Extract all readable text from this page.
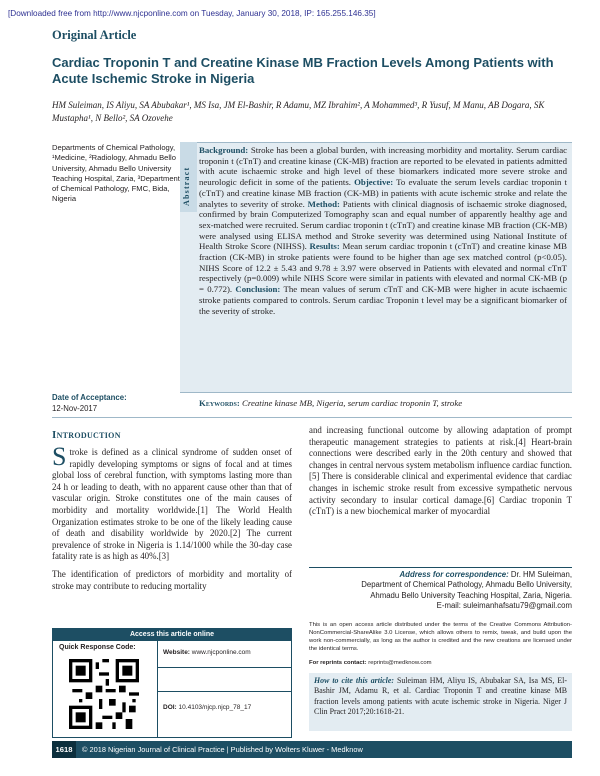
[Downloaded free from http://www.njcponline.com on Tuesday, January 30, 2018, IP: 165.255.146.35]
Original Article
Cardiac Troponin T and Creatine Kinase MB Fraction Levels Among Patients with Acute Ischemic Stroke in Nigeria
HM Suleiman, IS Aliyu, SA Abubakar¹, MS Isa, JM El-Bashir, R Adamu, MZ Ibrahim², A Mohammed³, R Yusuf, M Manu, AB Dogara, SK Mustapha¹, N Bello², SA Ozovehe
Departments of Chemical Pathology, ¹Medicine, ²Radiology, Ahmadu Bello University, Ahmadu Bello University Teaching Hospital, Zaria, ³Department of Chemical Pathology, FMC, Bida, Nigeria
Date of Acceptance:
12-Nov-2017
Abstract
Background: Stroke has been a global burden, with increasing morbidity and mortality. Serum cardiac troponin t (cTnT) and creatine kinase (CK-MB) fraction are reported to be elevated in patients admitted with acute ischaemic stroke and high level of these biomarkers indicated more severe stroke and neurologic deficit in some of the patients. Objective: To evaluate the serum levels cardiac troponin t (cTnT) and creatine kinase MB fraction (CK-MB) in patients with acute ischemic stroke and relate the analytes to severity of stroke. Method: Patients with clinical diagnosis of ischaemic stroke diagnosed, confirmed by brain Computerized Tomography scan and equal number of apparently healthy age and sex-matched were recruited. Serum cardiac troponin t (cTnT) and creatine kinase MB fraction (CK-MB) were analysed using ELISA method and Stroke severity was determined using National Institute of Health Stroke Score (NIHSS). Results: Mean serum cardiac troponin t (cTnT) and creatine kinase MB fraction (CK-MB) in stroke patients were found to be higher than age sex matched control (p<0.05). NIHS Score of 12.2 ± 5.43 and 9.78 ± 3.97 were observed in Patients with elevated and normal cTnT respectively (p=0.009) while NIHS Score were similar in patients with elevated and normal CK-MB (p = 0.772). Conclusion: The mean values of serum cTnT and CK-MB were higher in acute ischaemic stroke patients compared to controls. Serum cardiac Troponin t level may be a significant biomarker of the severity of stroke.
Keywords: Creatine kinase MB, Nigeria, serum cardiac troponin T, stroke
Introduction

Stroke is defined as a clinical syndrome of sudden onset of rapidly developing symptoms or signs of focal and at times global loss of cerebral function, with symptoms lasting more than 24 h or leading to death, with no apparent cause other than that of vascular origin. Stroke constitutes one of the main causes of morbidity and mortality worldwide.[1] The World Health Organization estimates stroke to be one of the likely leading cause of death and disability worldwide by 2020.[2] The current prevalence of stroke in Nigeria is 1.14/1000 while the 30-day case fatality rate is as high as 40%.[3]

The identification of predictors of morbidity and mortality of stroke may contribute to reducing mortality

and increasing functional outcome by allowing adaptation of prompt therapeutic management strategies to patients at risk.[4] Heart-brain connections were described early in the 20th century and showed that changes in central nervous system metabolism influence cardiac function.[5] There is considerable clinical and experimental evidence that cardiac changes in ischemic stroke result from excessive sympathetic nervous activity secondary to insular cortical damage.[6] Cardiac troponin T (cTnT) is a new biochemical marker of myocardial

Access this article online
Quick Response Code:
Website: www.njcponline.com
DOI: 10.4103/njcp.njcp_78_17
Address for correspondence: Dr. HM Suleiman,
Department of Chemical Pathology, Ahmadu Bello University,
Ahmadu Bello University Teaching Hospital, Zaria, Nigeria.
E-mail: suleimanhafsatu79@gmail.com
This is an open access article distributed under the terms of the Creative Commons Attribution-NonCommercial-ShareAlike 3.0 License, which allows others to remix, tweak, and build upon the work non-commercially, as long as the author is credited and the new creations are licensed under the identical terms.
For reprints contact: reprints@medknow.com
How to cite this article: Suleiman HM, Aliyu IS, Abubakar SA, Isa MS, El-Bashir JM, Adamu R, et al. Cardiac Troponin T and creatine kinase MB fraction levels among patients with acute ischemic stroke in Nigeria. Niger J Clin Pract 2017;20:1618-21.
1618	© 2018 Nigerian Journal of Clinical Practice | Published by Wolters Kluwer - Medknow
